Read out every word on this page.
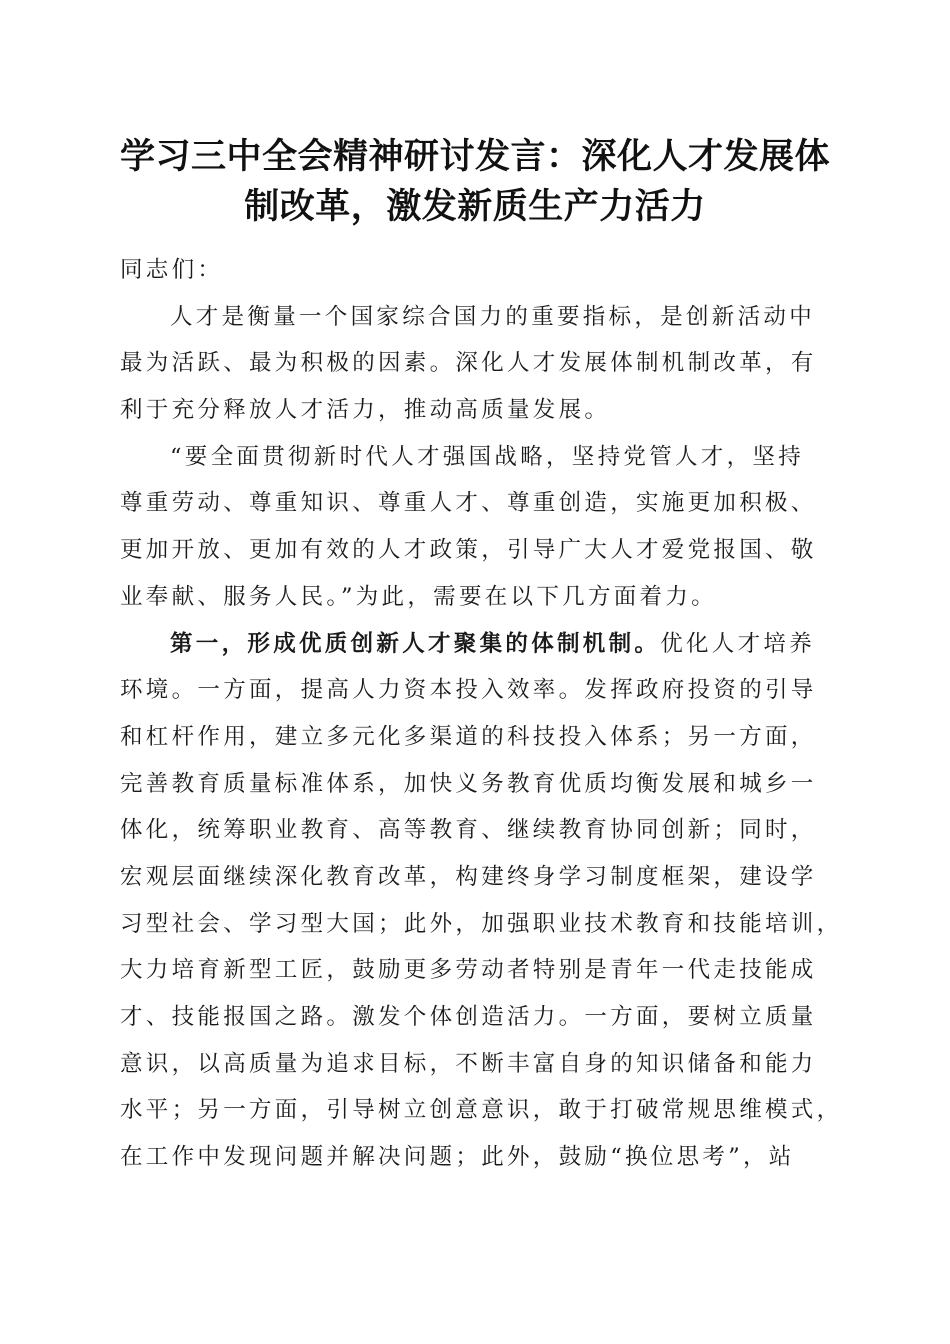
学习三中全会精神研讨发言：深化人才发展体
制改革，激发新质生产力活力
同志们：
人才是衡量一个国家综合国力的重要指标，是创新活动中
最为活跃、最为积极的因素。深化人才发展体制机制改革，有
利于充分释放人才活力，推动高质量发展。
“要全面贯彻新时代人才强国战略，坚持党管人才，坚持
尊重劳动、尊重知识、尊重人才、尊重创造，实施更加积极、
更加开放、更加有效的人才政策，引导广大人才爱党报国、敬
业奉献、服务人民。”为此，需要在以下几方面着力。
第一，形成优质创新人才聚集的体制机制。优化人才培养
环境。一方面，提高人力资本投入效率。发挥政府投资的引导
和杠杆作用，建立多元化多渠道的科技投入体系；另一方面，
完善教育质量标准体系，加快义务教育优质均衡发展和城乡一
体化，统筹职业教育、高等教育、继续教育协同创新；同时，
宏观层面继续深化教育改革，构建终身学习制度框架，建设学
习型社会、学习型大国；此外，加强职业技术教育和技能培训，
大力培育新型工匠，鼓励更多劳动者特别是青年一代走技能成
才、技能报国之路。激发个体创造活力。一方面，要树立质量
意识，以高质量为追求目标，不断丰富自身的知识储备和能力
水平；另一方面，引导树立创意意识，敢于打破常规思维模式，
在工作中发现问题并解决问题；此外，鼓励“换位思考”，站
